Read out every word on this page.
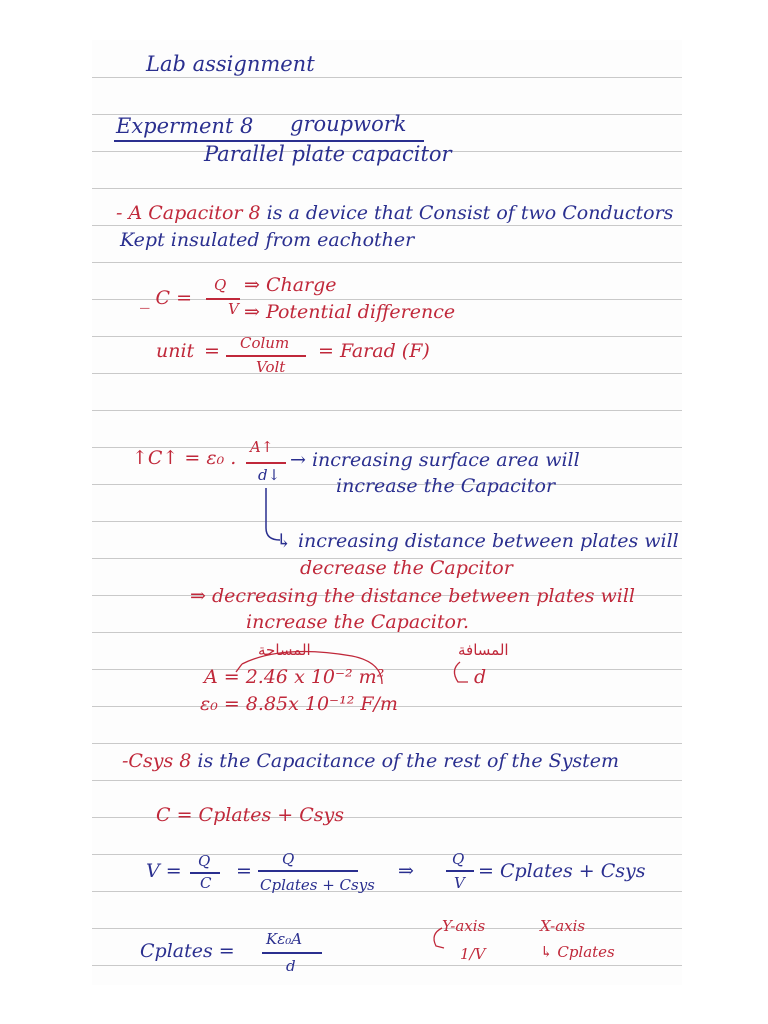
Lab assignment
Experment 8 groupwork
Parallel plate capacitor
- A Capacitor 8 is a device that Consist of two Conductors
Kept insulated from eachother
_ C =
Q
V
⇒ Charge
⇒ Potential difference
unit = Colum
Volt
= Farad (F)
↑C↑ = ε₀ . A↑
d↓
→ increasing surface area will
increase the Capacitor
↳ increasing distance between plates will
decrease the Capcitor
⇒ decreasing the distance between plates will
increase the Capacitor.
المساحة	المسافة
A = 2.46 x 10⁻² m²	d
ε₀ = 8.85x 10⁻¹² F/m
-Csys 8 is the Capacitance of the rest of the System
C = Cplates + Csys
V = Q
C
=
Q
Cplates + Csys
⇒
Q
V
= Cplates + Csys
Cplates =
Kε₀A
d
Y-axis
1/V
X-axis
↳ Cplates
